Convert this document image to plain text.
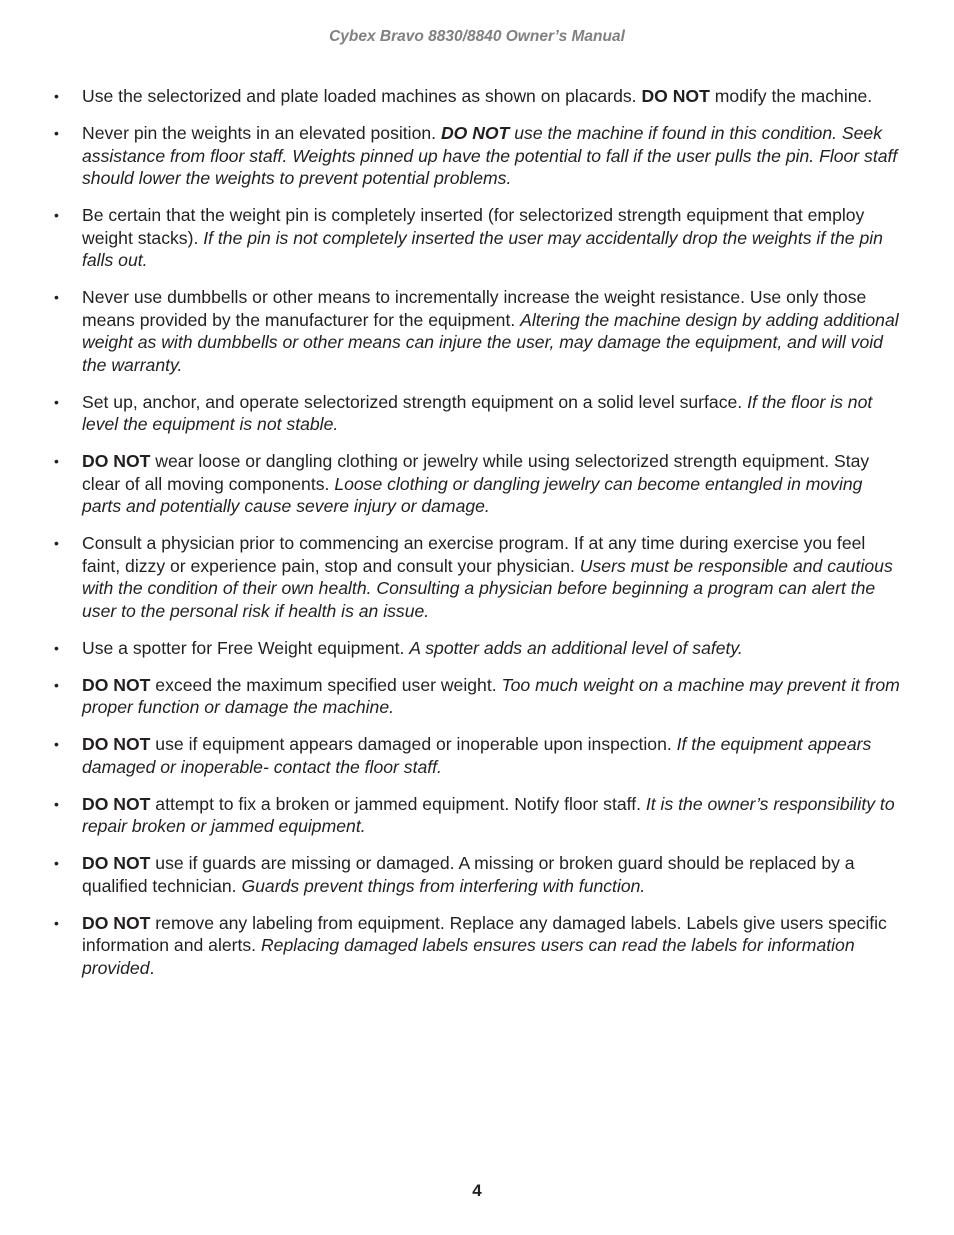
Cybex Bravo 8830/8840 Owner’s Manual
•	Use the selectorized and plate loaded machines as shown on placards. DO NOT modify the machine.
•	Never pin the weights in an elevated position. DO NOT use the machine if found in this condition. Seek assistance from floor staff. Weights pinned up have the potential to fall if the user pulls the pin. Floor staff should lower the weights to prevent potential problems.
•	Be certain that the weight pin is completely inserted (for selectorized strength equipment that employ weight stacks). If the pin is not completely inserted the user may accidentally drop the weights if the pin falls out.
•	Never use dumbbells or other means to incrementally increase the weight resistance. Use only those means provided by the manufacturer for the equipment. Altering the machine design by adding additional weight as with dumbbells or other means can injure the user, may damage the equipment, and will void the warranty.
•	Set up, anchor, and operate selectorized strength equipment on a solid level surface. If the floor is not level the equipment is not stable.
•	DO NOT wear loose or dangling clothing or jewelry while using selectorized strength equipment. Stay clear of all moving components. Loose clothing or dangling jewelry can become entangled in moving parts and potentially cause severe injury or damage.
•	Consult a physician prior to commencing an exercise program. If at any time during exercise you feel faint, dizzy or experience pain, stop and consult your physician. Users must be responsible and cautious with the condition of their own health. Consulting a physician before beginning a program can alert the user to the personal risk if health is an issue.
•	Use a spotter for Free Weight equipment. A spotter adds an additional level of safety.
•	DO NOT exceed the maximum specified user weight. Too much weight on a machine may prevent it from proper function or damage the machine.
•	DO NOT use if equipment appears damaged or inoperable upon inspection. If the equipment appears damaged or inoperable- contact the floor staff.
•	DO NOT attempt to fix a broken or jammed equipment. Notify floor staff. It is the owner’s responsibility to repair broken or jammed equipment.
•	DO NOT use if guards are missing or damaged. A missing or broken guard should be replaced by a qualified technician. Guards prevent things from interfering with function.
•	DO NOT remove any labeling from equipment. Replace any damaged labels. Labels give users specific information and alerts. Replacing damaged labels ensures users can read the labels for information provided.
4
